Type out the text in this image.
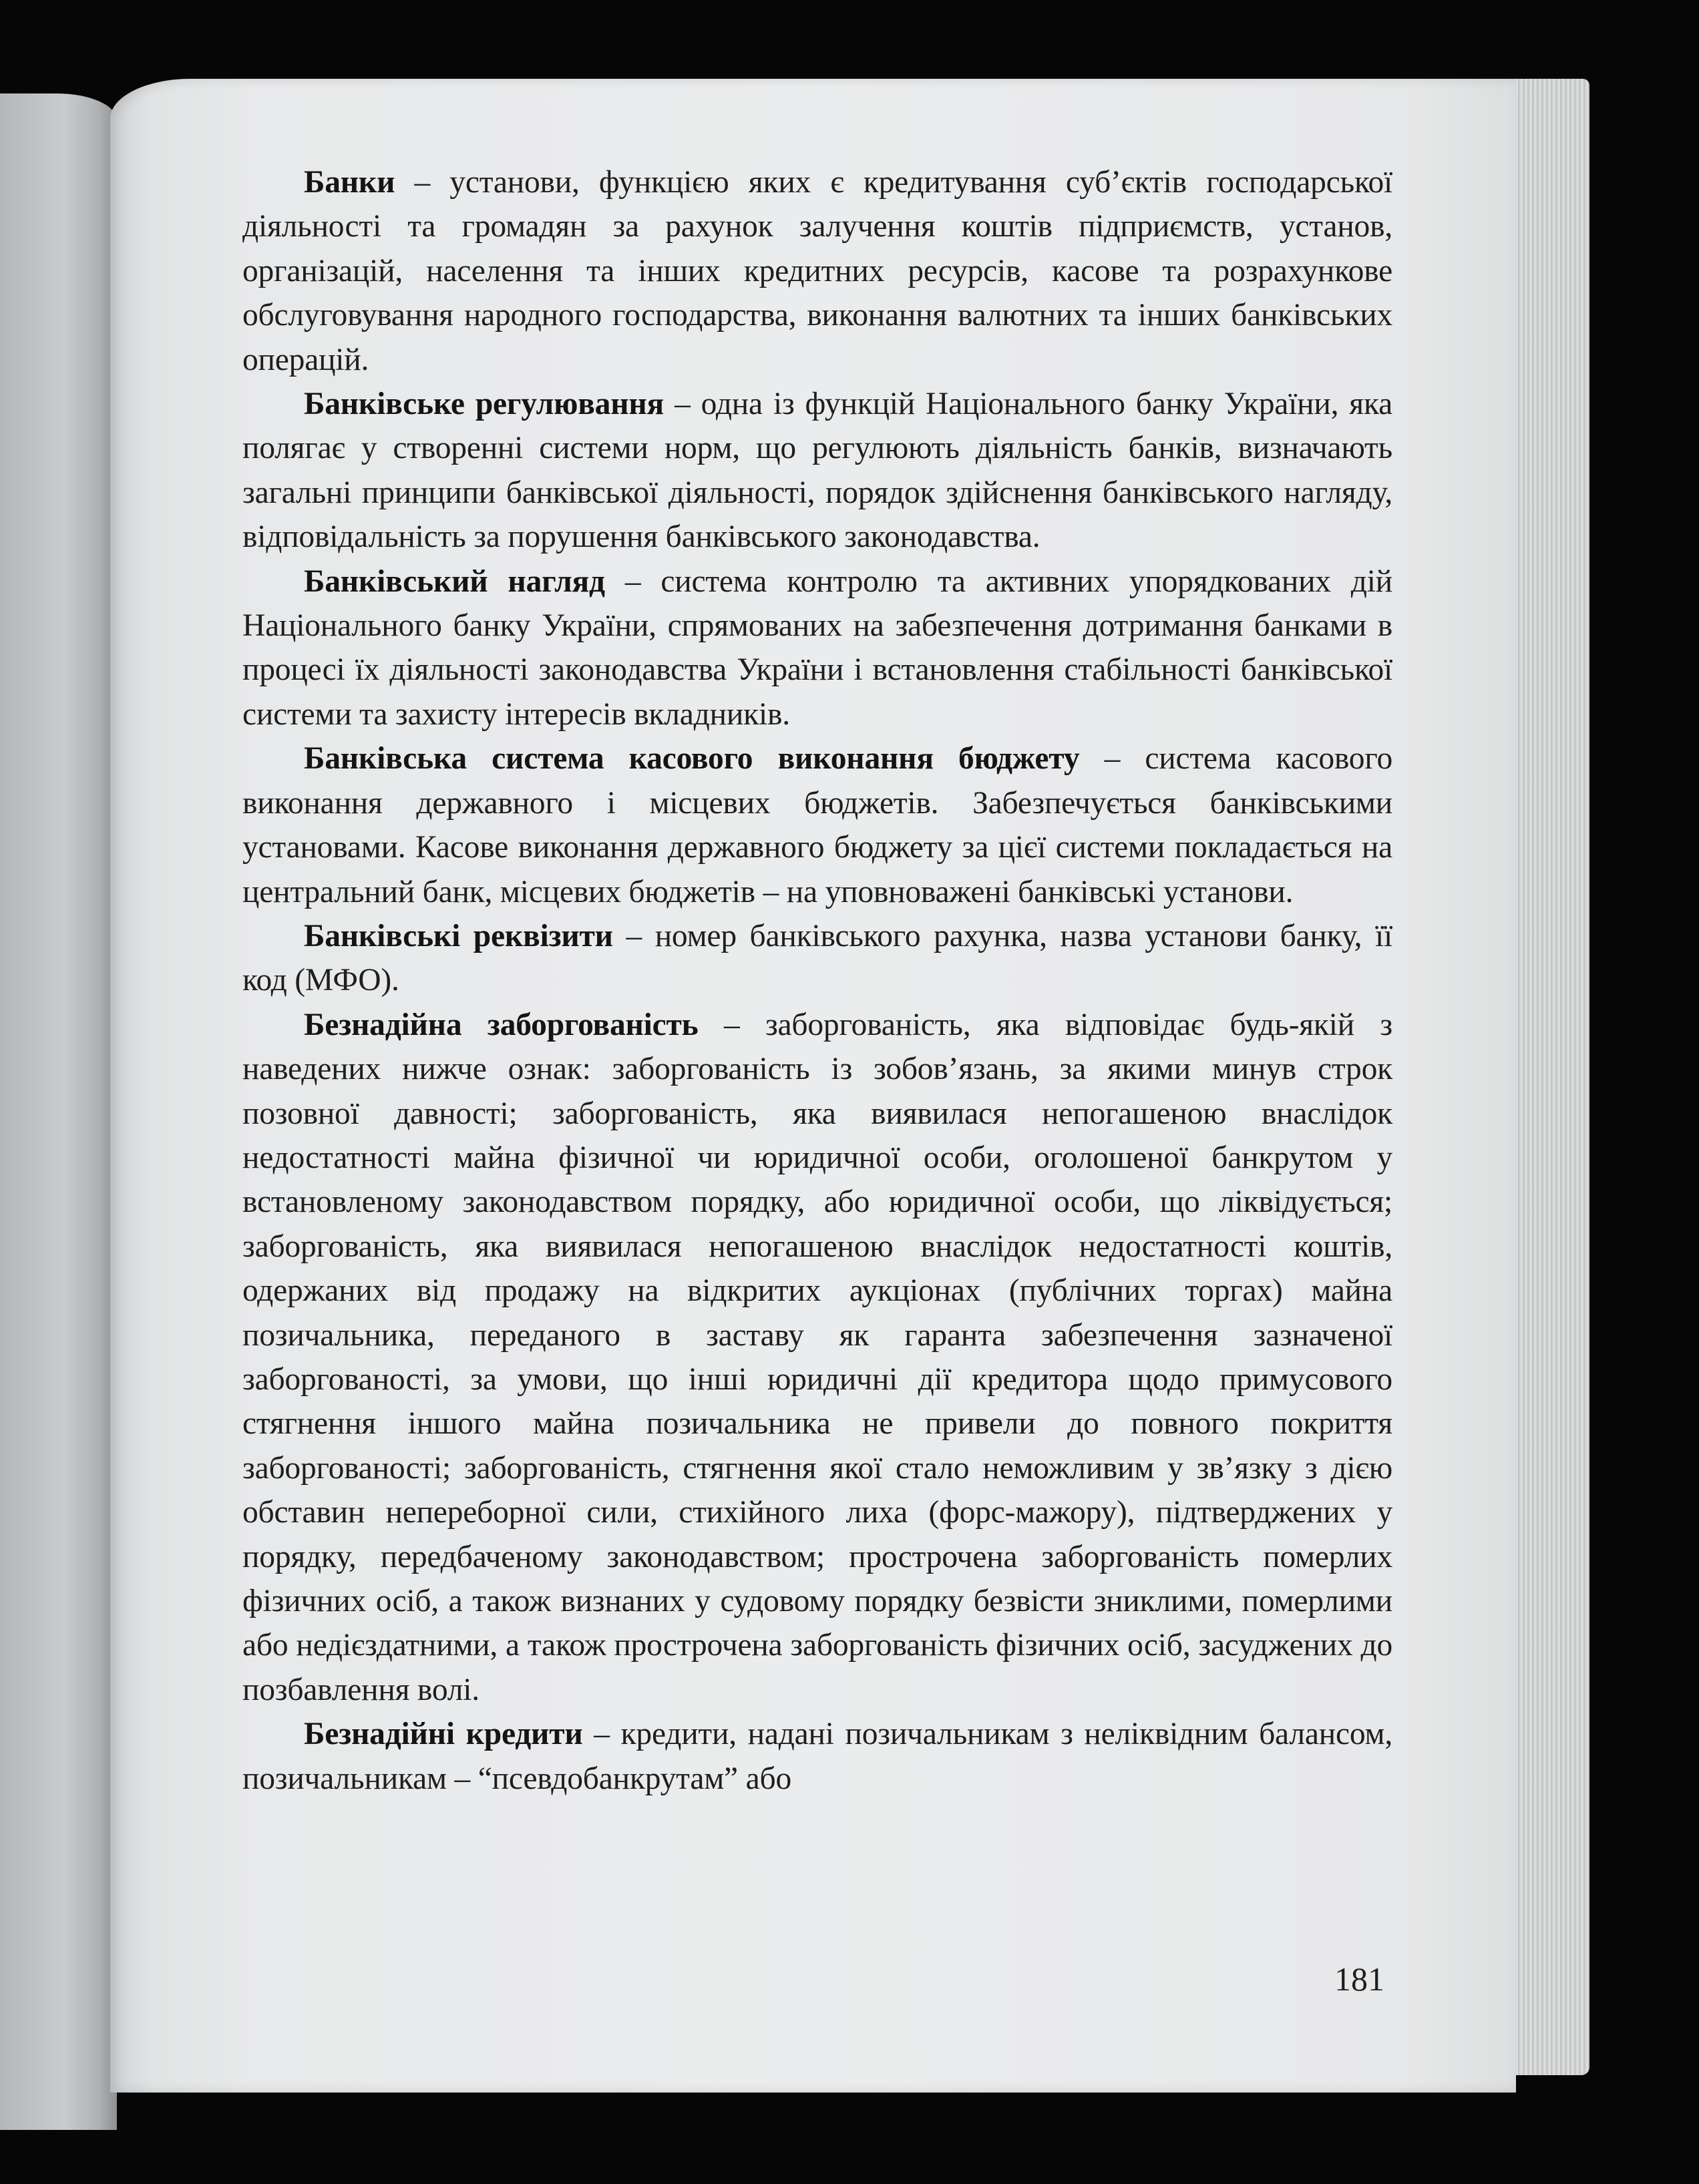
Банки – установи, функцією яких є кредитування суб’єктів господарської діяльності та громадян за рахунок залучення коштів підприємств, установ, організацій, населення та інших кредитних ресурсів, касове та розрахункове обслуговування народного господарства, виконання валютних та інших банківських операцій.

Банківське регулювання – одна із функцій Національного банку України, яка полягає у створенні системи норм, що регулюють діяльність банків, визначають загальні принципи банківської діяльності, порядок здійснення банківського нагляду, відповідальність за порушення банківського законодавства.

Банківський нагляд – система контролю та активних упорядкованих дій Національного банку України, спрямованих на забезпечення дотримання банками в процесі їх діяльності законодавства України і встановлення стабільності банківської системи та захисту інтересів вкладників.

Банківська система касового виконання бюджету – система касового виконання державного і місцевих бюджетів. Забезпечується банківськими установами. Касове виконання державного бюджету за цієї системи покладається на центральний банк, місцевих бюджетів – на уповноважені банківські установи.

Банківські реквізити – номер банківського рахунка, назва установи банку, її код (МФО).

Безнадійна заборгованість – заборгованість, яка відповідає будь-якій з наведених нижче ознак: заборгованість із зобов’язань, за якими минув строк позовної давності; заборгованість, яка виявилася непогашеною внаслідок недостатності майна фізичної чи юридичної особи, оголошеної банкрутом у встановленому законодавством порядку, або юридичної особи, що ліквідується; заборгованість, яка виявилася непогашеною внаслідок недостатності коштів, одержаних від продажу на відкритих аукціонах (публічних торгах) майна позичальника, переданого в заставу як гаранта забезпечення зазначеної заборгованості, за умови, що інші юридичні дії кредитора щодо примусового стягнення іншого майна позичальника не привели до повного покриття заборгованості; заборгованість, стягнення якої стало неможливим у зв’язку з дією обставин непереборної сили, стихійного лиха (форс-мажору), підтверджених у порядку, передбаченому законодавством; прострочена заборгованість померлих фізичних осіб, а також визнаних у судовому порядку безвісти зниклими, померлими або недієздатними, а також прострочена заборгованість фізичних осіб, засуджених до позбавлення волі.

Безнадійні кредити – кредити, надані позичальникам з неліквідним балансом, позичальникам – “псевдобанкрутам” або

181
